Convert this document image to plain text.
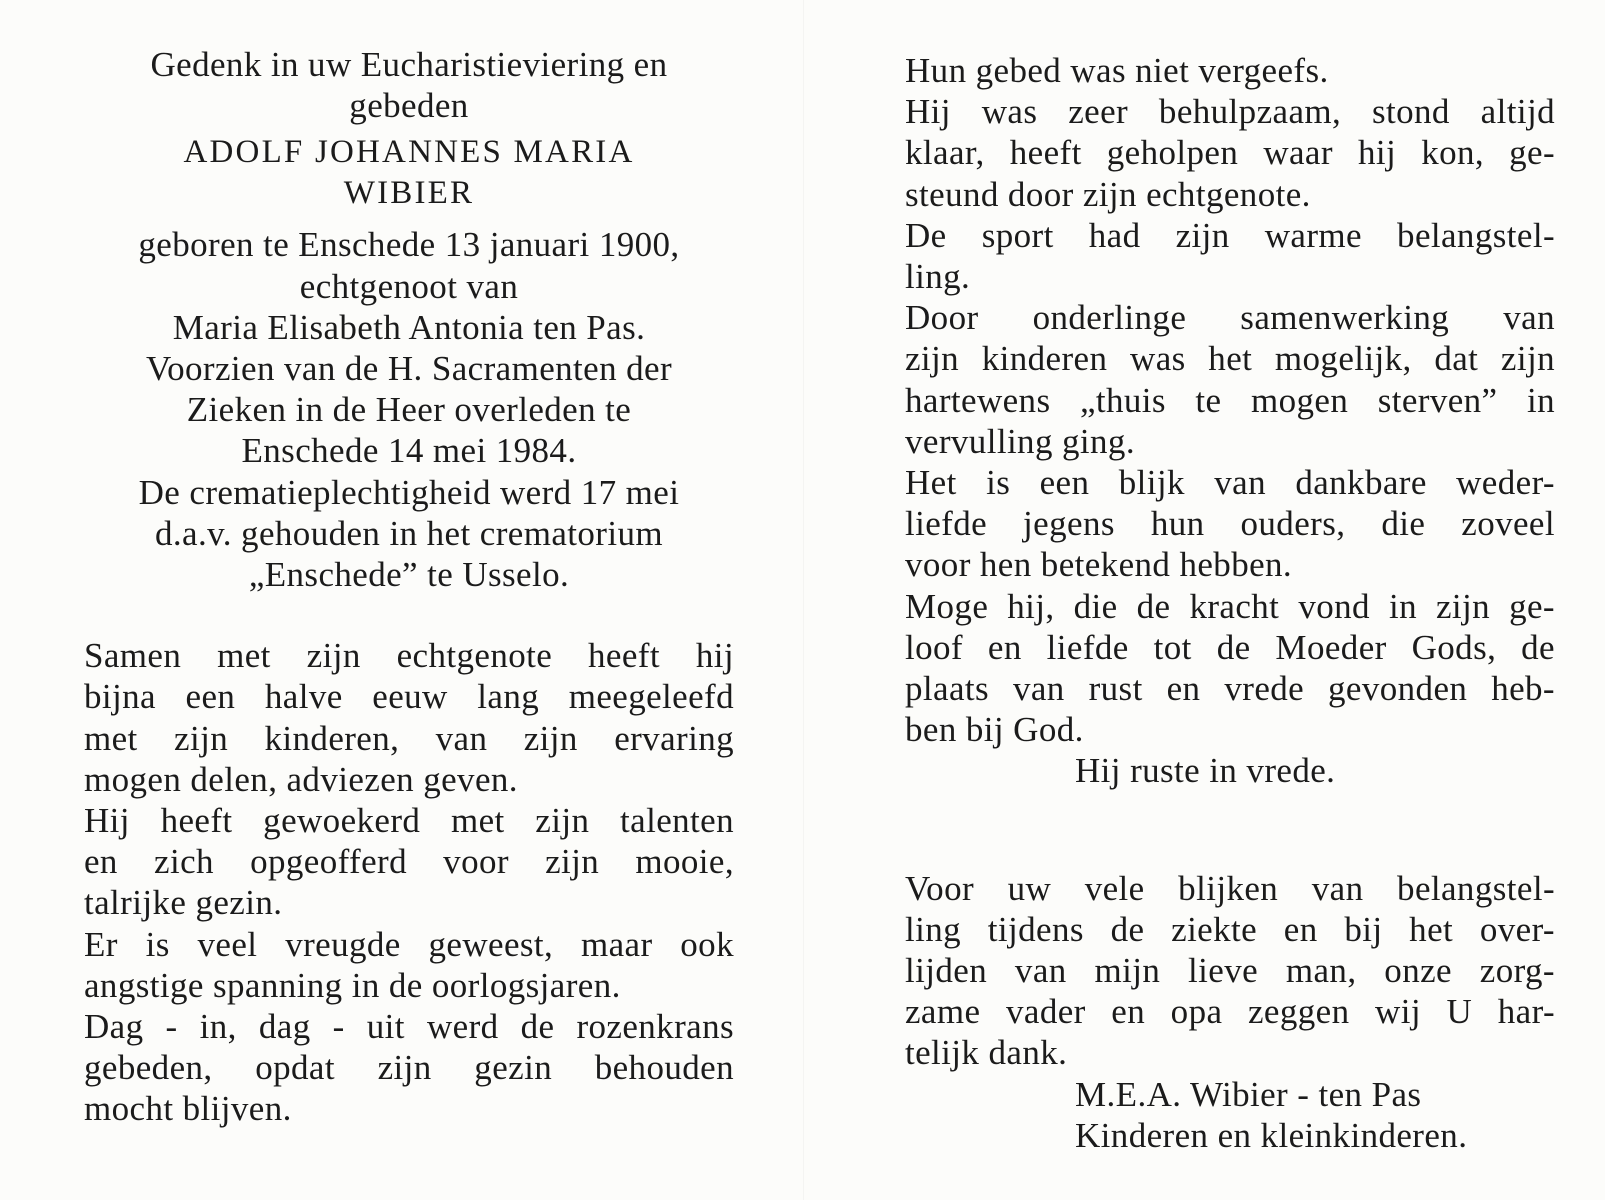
Gedenk in uw Eucharistieviering en
gebeden
ADOLF JOHANNES MARIA
WIBIER
geboren te Enschede 13 januari 1900,
echtgenoot van
Maria Elisabeth Antonia ten Pas.
Voorzien van de H. Sacramenten der
Zieken in de Heer overleden te
Enschede 14 mei 1984.
De crematieplechtigheid werd 17 mei
d.a.v. gehouden in het crematorium
„Enschede” te Usselo.
Samen met zijn echtgenote heeft hij
bijna een halve eeuw lang meegeleefd
met zijn kinderen, van zijn ervaring
mogen delen, adviezen geven.
Hij heeft gewoekerd met zijn talenten
en zich opgeofferd voor zijn mooie,
talrijke gezin.
Er is veel vreugde geweest, maar ook
angstige spanning in de oorlogsjaren.
Dag - in, dag - uit werd de rozenkrans
gebeden, opdat zijn gezin behouden
mocht blijven.
Hun gebed was niet vergeefs.
Hij was zeer behulpzaam, stond altijd
klaar, heeft geholpen waar hij kon, ge-
steund door zijn echtgenote.
De sport had zijn warme belangstel-
ling.
Door onderlinge samenwerking van
zijn kinderen was het mogelijk, dat zijn
hartewens „thuis te mogen sterven” in
vervulling ging.
Het is een blijk van dankbare weder-
liefde jegens hun ouders, die zoveel
voor hen betekend hebben.
Moge hij, die de kracht vond in zijn ge-
loof en liefde tot de Moeder Gods, de
plaats van rust en vrede gevonden heb-
ben bij God.
Hij ruste in vrede.
Voor uw vele blijken van belangstel-
ling tijdens de ziekte en bij het over-
lijden van mijn lieve man, onze zorg-
zame vader en opa zeggen wij U har-
telijk dank.
M.E.A. Wibier - ten Pas
Kinderen en kleinkinderen.
